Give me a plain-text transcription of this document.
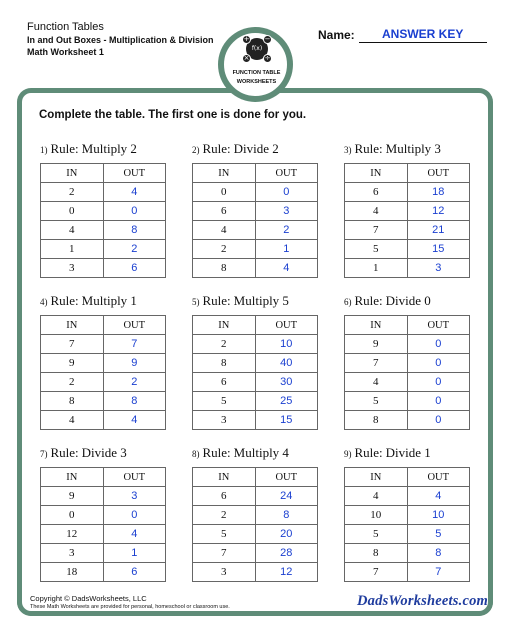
Function Tables
In and Out Boxes - Multiplication & Division
Math Worksheet 1
Name:	ANSWER KEY
+ −
× ÷
f(x)
FUNCTION TABLE
WORKSHEETS
Complete the table. The first one is done for you.
1) Rule: Multiply 2
IN	OUT
2	4
0	0
4	8
1	2
3	6
2) Rule: Divide 2
IN	OUT
0	0
6	3
4	2
2	1
8	4
3) Rule: Multiply 3
IN	OUT
6	18
4	12
7	21
5	15
1	3
4) Rule: Multiply 1
IN	OUT
7	7
9	9
2	2
8	8
4	4
5) Rule: Multiply 5
IN	OUT
2	10
8	40
6	30
5	25
3	15
6) Rule: Divide 0
IN	OUT
9	0
7	0
4	0
5	0
8	0
7) Rule: Divide 3
IN	OUT
9	3
0	0
12	4
3	1
18	6
8) Rule: Multiply 4
IN	OUT
6	24
2	8
5	20
7	28
3	12
9) Rule: Divide 1
IN	OUT
4	4
10	10
5	5
8	8
7	7
Copyright © DadsWorksheets, LLC
These Math Worksheets are provided for personal, homeschool or classroom use.	DadsWorksheets.com
